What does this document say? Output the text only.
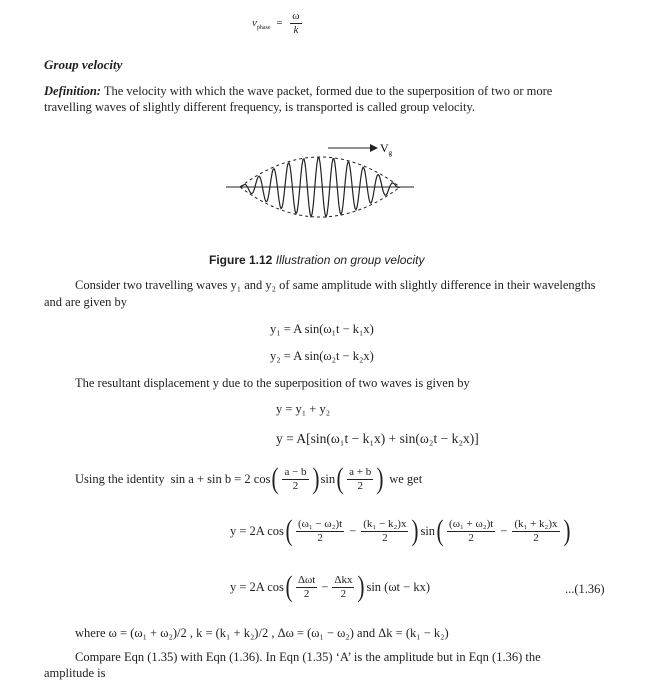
$v_{phase} = \frac{\omega}{k}$
Group velocity
Definition: The velocity with which the wave packet, formed due to the superposition of two or more
travelling waves of slightly different frequency, is transported is called group velocity.
$V_g$
Figure 1.12 Illustration on group velocity
Consider two travelling waves y₁ and y₂ of same amplitude with slightly difference in their wavelengths
and are given by
y₁ = A sin(ω₁t − k₁x)
y₂ = A sin(ω₂t − k₂x)
The resultant displacement y due to the superposition of two waves is given by
y = y₁ + y₂
y = A[sin(ω₁t − k₁x) + sin(ω₂t − k₂x)]
Using the identity sin a + sin b = 2 cos ( $\frac{a - b}{2}$ ) sin ( $\frac{a + b}{2}$ ) we get
y = 2A cos ( $\frac{\text{(ω₁ − ω₂)t}}{2} - \frac{\text{(k₁ − k₂)x}}{2}$ ) sin ( $\frac{\text{(ω₁ + ω₂)t}}{2} - \frac{\text{(k₁ + k₂)x}}{2}$ )
y = 2A cos ( $\frac{\text{Δωt}}{2} - \frac{\text{Δkx}}{2}$ ) sin (ωt − kx)	...(1.36)
where ω = (ω₁ + ω₂)/2 , k = (k₁ + k₂)/2 , Δω = (ω₁ − ω₂) and Δk = (k₁ − k₂)
Compare Eqn (1.35) with Eqn (1.36). In Eqn (1.35) ‘A’ is the amplitude but in Eqn (1.36) the
amplitude is
